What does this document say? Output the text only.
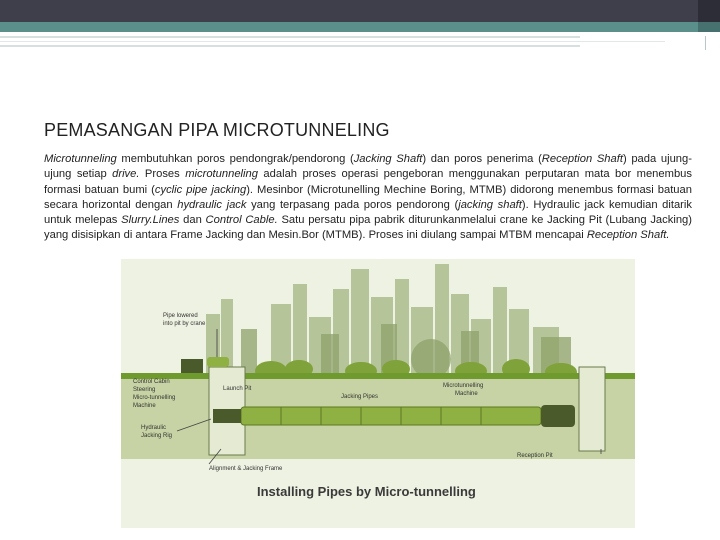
PEMASANGAN PIPA MICROTUNNELING

Microtunneling membutuhkan poros pendongrak/pendorong (Jacking Shaft) dan poros penerima (Reception Shaft) pada ujung-ujung setiap drive. Proses microtunneling adalah proses operasi pengeboran menggunakan perputaran mata bor menembus formasi batuan bumi (cyclic pipe jacking). Mesinbor (Microtunelling Mechine Boring, MTMB) didorong menembus formasi batuan secara horizontal dengan hydraulic jack yang terpasang pada poros pendorong (jacking shaft). Hydraulic jack kemudian ditarik untuk melepas Slurry.Lines dan Control Cable. Satu persatu pipa pabrik diturunkanmelalui crane ke Jacking Pit (Lubang Jacking) yang disisipkan di antara Frame Jacking dan Mesin.Bor (MTMB). Proses ini diulang sampai MTBM mencapai Reception Shaft.

Pipe lowered
into pit by crane
Control Cabin
Steering
Micro-tunnelling
Machine
Hydraulic
Jacking Rig
Alignment & Jacking Frame
Launch Pit
Jacking Pipes
Microtunnelling
Machine
Reception Pit
Installing Pipes by Micro-tunnelling
